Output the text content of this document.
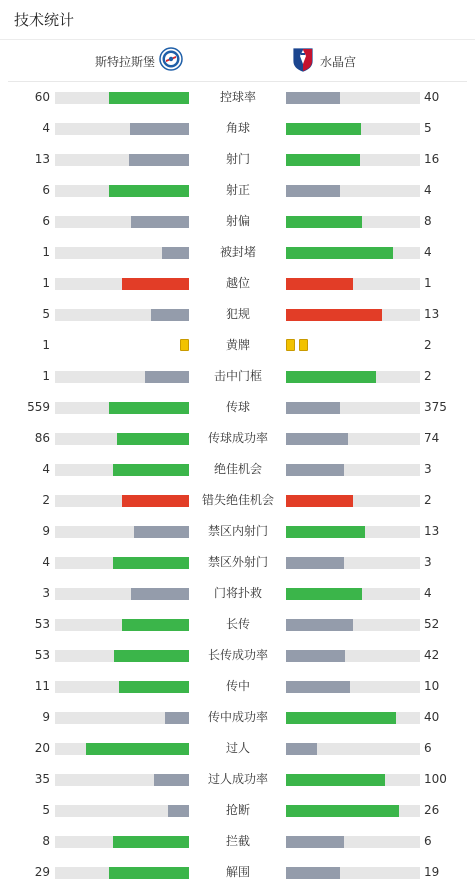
技术统计
斯特拉斯堡	水晶宫
60	控球率	40
4	角球	5
13	射门	16
6	射正	4
6	射偏	8
1	被封堵	4
1	越位	1
5	犯规	13
1	黄牌	2
1	击中门框	2
559	传球	375
86	传球成功率	74
4	绝佳机会	3
2	错失绝佳机会	2
9	禁区内射门	13
4	禁区外射门	3
3	门将扑救	4
53	长传	52
53	长传成功率	42
11	传中	10
9	传中成功率	40
20	过人	6
35	过人成功率	100
5	抢断	26
8	拦截	6
29	解围	19
